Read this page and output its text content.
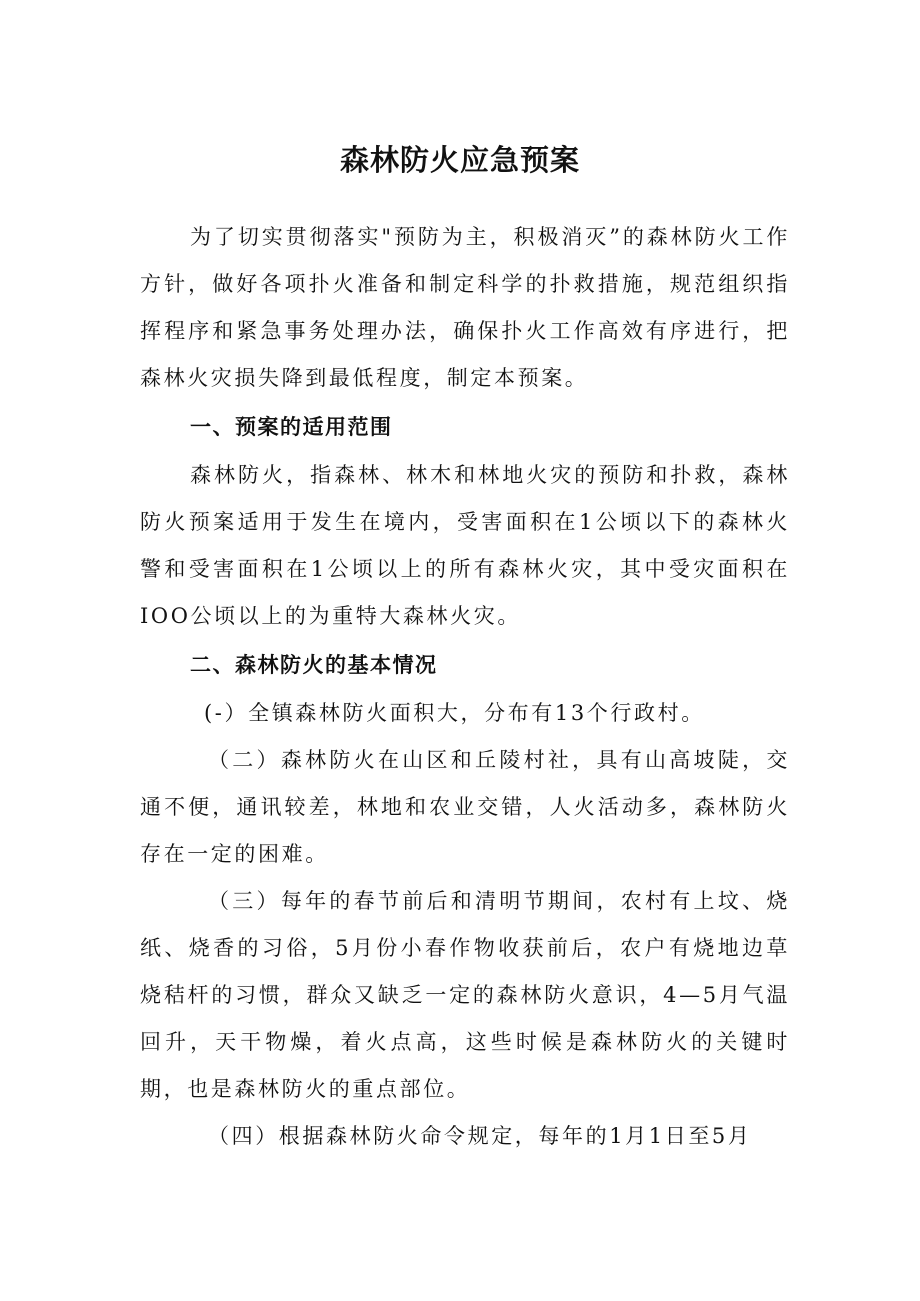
森林防火应急预案

为了切实贯彻落实"预防为主，积极消灭”的森林防火工作方针，做好各项扑火准备和制定科学的扑救措施，规范组织指挥程序和紧急事务处理办法，确保扑火工作高效有序进行，把森林火灾损失降到最低程度，制定本预案。

一、预案的适用范围

森林防火，指森林、林木和林地火灾的预防和扑救，森林防火预案适用于发生在境内，受害面积在1公顷以下的森林火警和受害面积在1公顷以上的所有森林火灾，其中受灾面积在IOO公顷以上的为重特大森林火灾。

二、森林防火的基本情况

(-）全镇森林防火面积大，分布有13个行政村。

（二）森林防火在山区和丘陵村社，具有山高坡陡，交通不便，通讯较差，林地和农业交错，人火活动多，森林防火存在一定的困难。

（三）每年的春节前后和清明节期间，农村有上坟、烧纸、烧香的习俗，5月份小春作物收获前后，农户有烧地边草烧秸杆的习惯，群众又缺乏一定的森林防火意识，4—5月气温回升，天干物燥，着火点高，这些时候是森林防火的关键时期，也是森林防火的重点部位。

（四）根据森林防火命令规定，每年的1月1日至5月
